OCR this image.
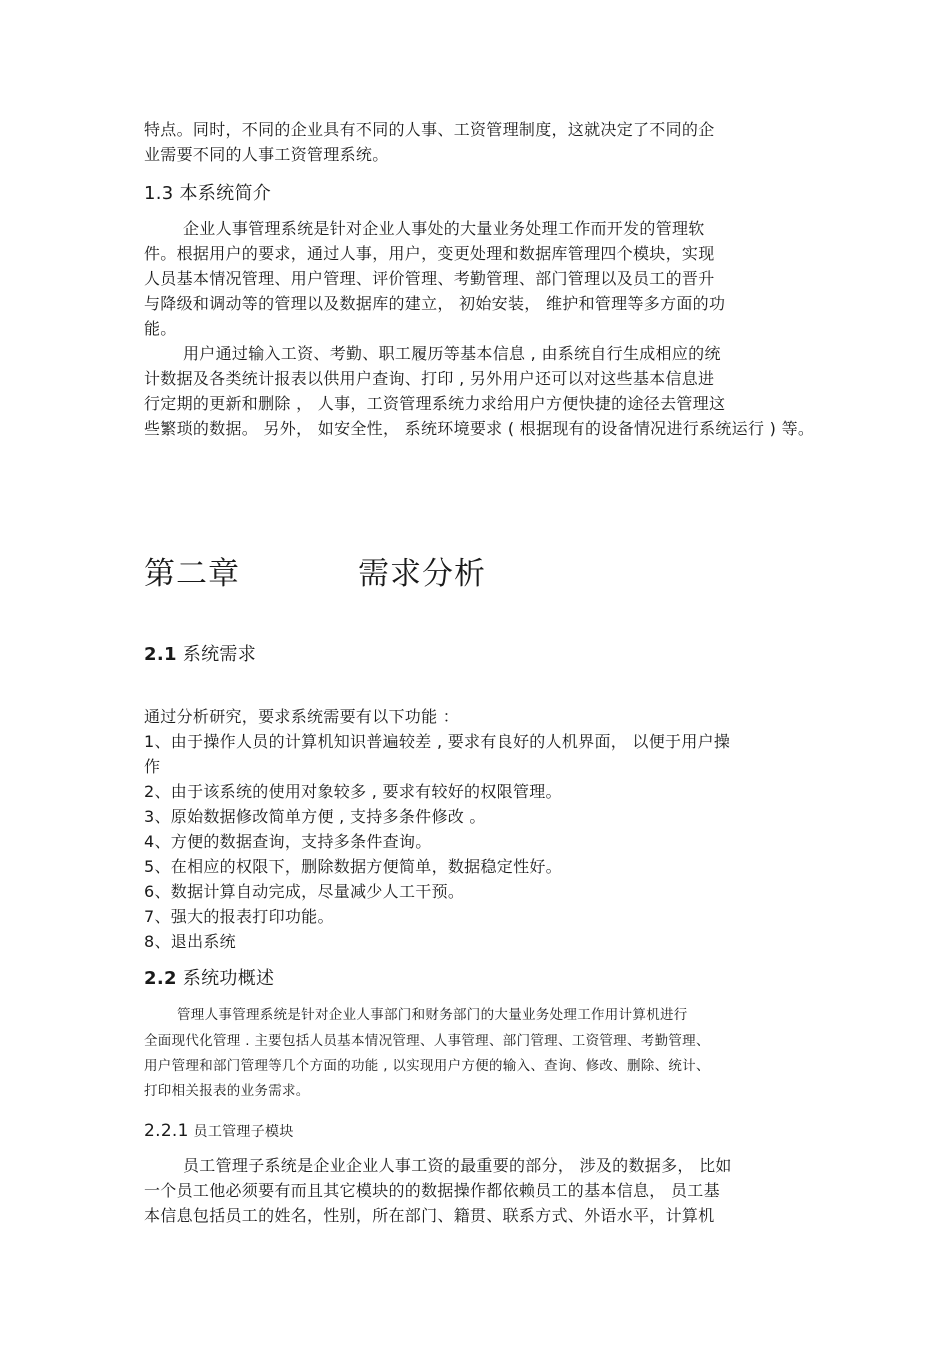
特点。同时，不同的企业具有不同的人事、工资管理制度，这就决定了不同的企
业需要不同的人事工资管理系统。
1.3 本系统简介
企业人事管理系统是针对企业人事处的大量业务处理工作而开发的管理软
件。根据用户的要求，通过人事，用户，变更处理和数据库管理四个模块，实现
人员基本情况管理、用户管理、评价管理、考勤管理、部门管理以及员工的晋升
与降级和调动等的管理以及数据库的建立， 初始安装， 维护和管理等多方面的功
能。
用户通过输入工资、考勤、职工履历等基本信息 , 由系统自行生成相应的统
计数据及各类统计报表以供用户查询、打印 , 另外用户还可以对这些基本信息进
行定期的更新和删除 ， 人事，工资管理系统力求给用户方便快捷的途径去管理这
些繁琐的数据。 另外， 如安全性， 系统环境要求 ( 根据现有的设备情况进行系统运行 ) 等。
第二章	需求分析
2.1 系统需求
通过分析研究，要求系统需要有以下功能 ：
1、由于操作人员的计算机知识普遍较差 , 要求有良好的人机界面， 以便于用户操
作
2、由于该系统的使用对象较多 , 要求有较好的权限管理。
3、原始数据修改简单方便 , 支持多条件修改 。
4、方便的数据查询，支持多条件查询。
5、在相应的权限下，删除数据方便简单，数据稳定性好。
6、数据计算自动完成，尽量减少人工干预。
7、强大的报表打印功能。
8、退出系统
2.2 系统功概述
管理人事管理系统是针对企业人事部门和财务部门的大量业务处理工作用计算机进行
全面现代化管理 . 主要包括人员基本情况管理、人事管理、部门管理、工资管理、考勤管理、
用户管理和部门管理等几个方面的功能 , 以实现用户方便的输入、查询、修改、删除、统计、
打印相关报表的业务需求。
2.2.1 员工管理子模块
员工管理子系统是企业企业人事工资的最重要的部分， 涉及的数据多， 比如
一个员工他必须要有而且其它模块的的数据操作都依赖员工的基本信息， 员工基
本信息包括员工的姓名，性别，所在部门、籍贯、联系方式、外语水平，计算机
